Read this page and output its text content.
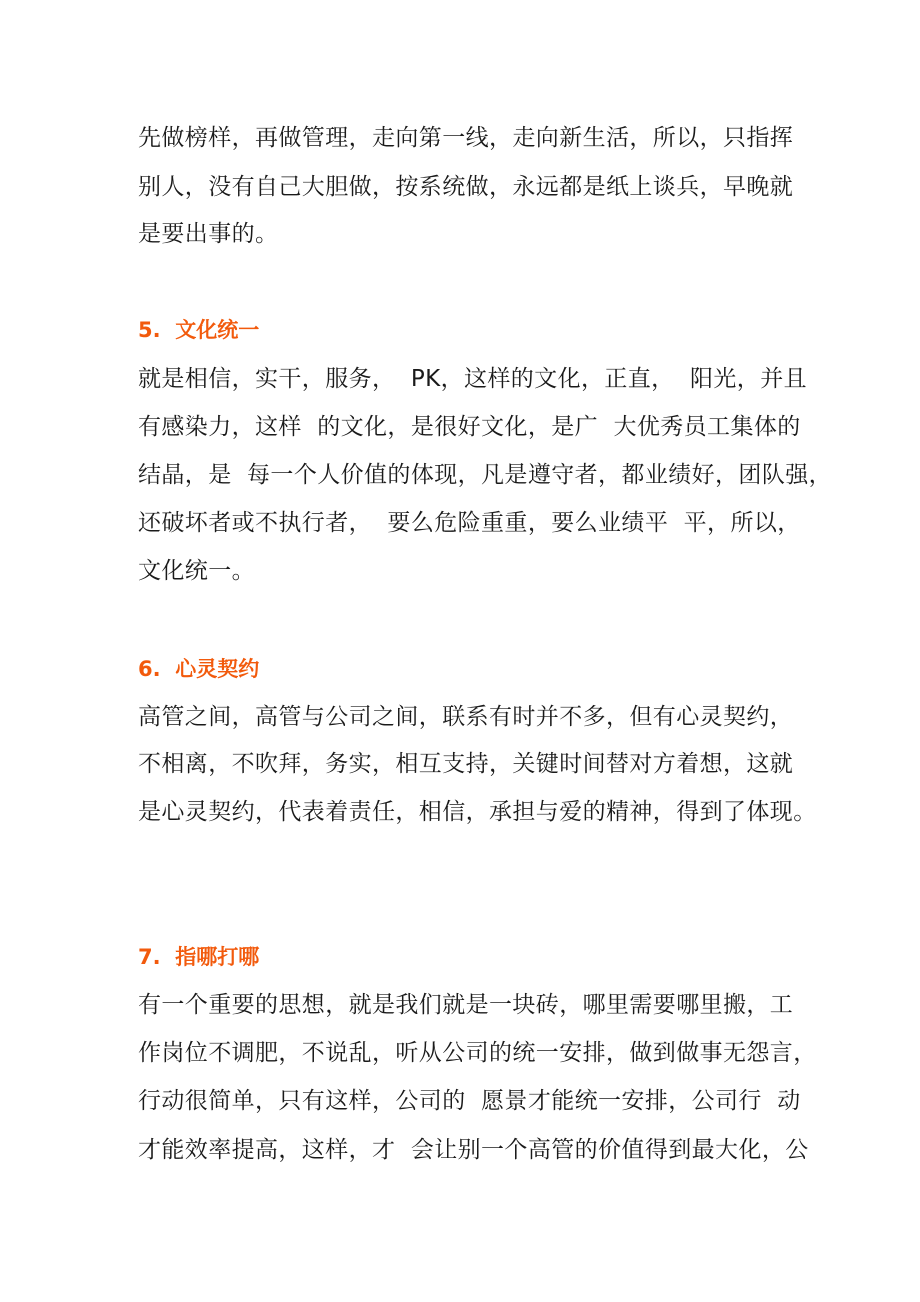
先做榜样，再做管理，走向第一线，走向新生活，所以，只指挥
别人，没有自己大胆做，按系统做，永远都是纸上谈兵，早晚就
是要出事的。
5.  文化统一
就是相信，实干，服务，  PK，这样的文化，正直，  阳光，并且
有感染力，这样  的文化，是很好文化，是广  大优秀员工集体的
结晶，是  每一个人价值的体现，凡是遵守者，都业绩好，团队强，
还破坏者或不执行者，  要么危险重重，要么业绩平  平，所以，
文化统一。
6.  心灵契约
高管之间，高管与公司之间，联系有时并不多，但有心灵契约，
不相离，不吹拜，务实，相互支持，关键时间替对方着想，这就
是心灵契约，代表着责任，相信，承担与爱的精神，得到了体现。
7.  指哪打哪
有一个重要的思想，就是我们就是一块砖，哪里需要哪里搬，工
作岗位不调肥，不说乱，听从公司的统一安排，做到做事无怨言，
行动很简单，只有这样，公司的  愿景才能统一安排，公司行  动
才能效率提高，这样，才  会让别一个高管的价值得到最大化，公
